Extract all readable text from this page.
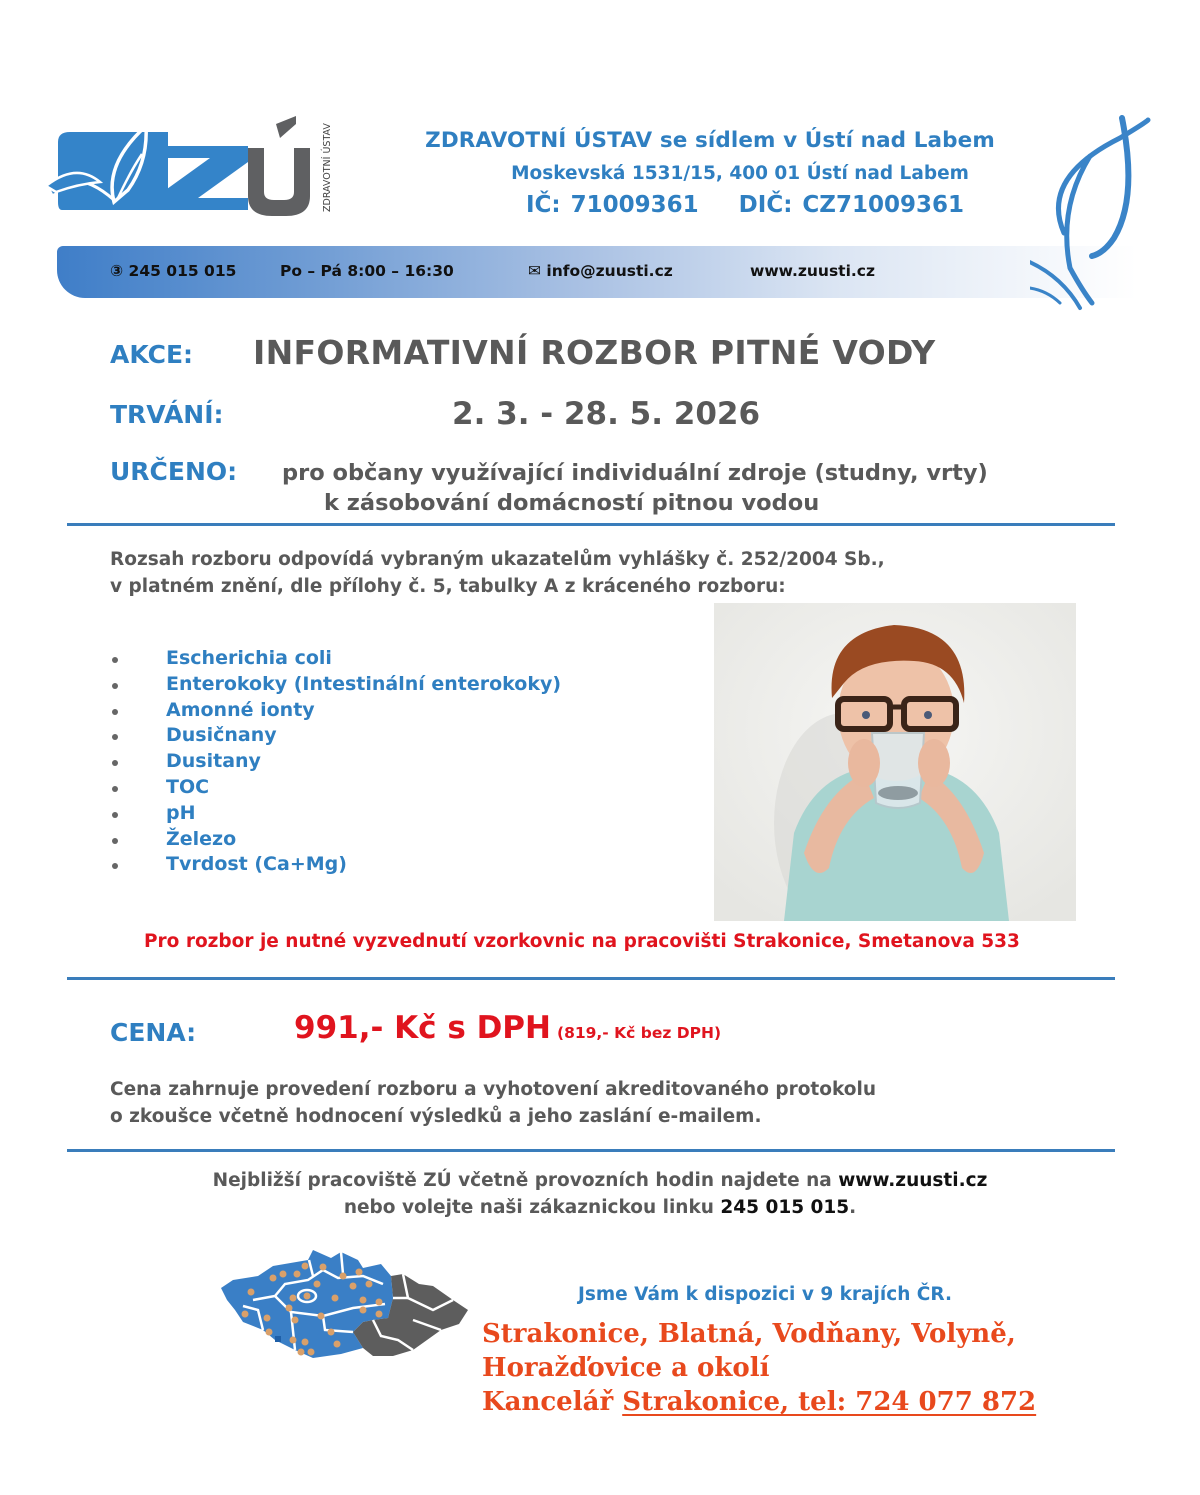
ZDRAVOTNÍ ÚSTAV	ZDRAVOTNÍ ÚSTAV se sídlem v Ústí nad Labem
Moskevská 1531/15, 400 01 Ústí nad Labem
IČ: 71009361 DIČ: CZ71009361
③︎ 245 015 015	Po – Pá 8:00 – 16:30	✉︎ info@zuusti.cz	www.zuusti.cz
AKCE: INFORMATIVNÍ ROZBOR PITNÉ VODY
TRVÁNÍ:	2. 3. - 28. 5. 2026
URČENO: pro občany využívající individuální zdroje (studny, vrty)
k zásobování domácností pitnou vodou
Rozsah rozboru odpovídá vybraným ukazatelům vyhlášky č. 252/2004 Sb.,
v platném znění, dle přílohy č. 5, tabulky A z kráceného rozboru:
Escherichia coli
Enterokoky (Intestinální enterokoky)
Amonné ionty
Dusičnany
Dusitany
TOC
pH
Železo
Tvrdost (Ca+Mg)
Pro rozbor je nutné vyzvednutí vzorkovnic na pracovišti Strakonice, Smetanova 533
CENA:	991,- Kč s DPH (819,- Kč bez DPH)
Cena zahrnuje provedení rozboru a vyhotovení akreditovaného protokolu
o zkoušce včetně hodnocení výsledků a jeho zaslání e-mailem.
Nejbližší pracoviště ZÚ včetně provozních hodin najdete na www.zuusti.cz
nebo volejte naši zákaznickou linku 245 015 015.
Jsme Vám k dispozici v 9 krajích ČR.
Strakonice, Blatná, Vodňany, Volyně,
Horažďovice a okolí
Kancelář Strakonice, tel: 724 077 872
